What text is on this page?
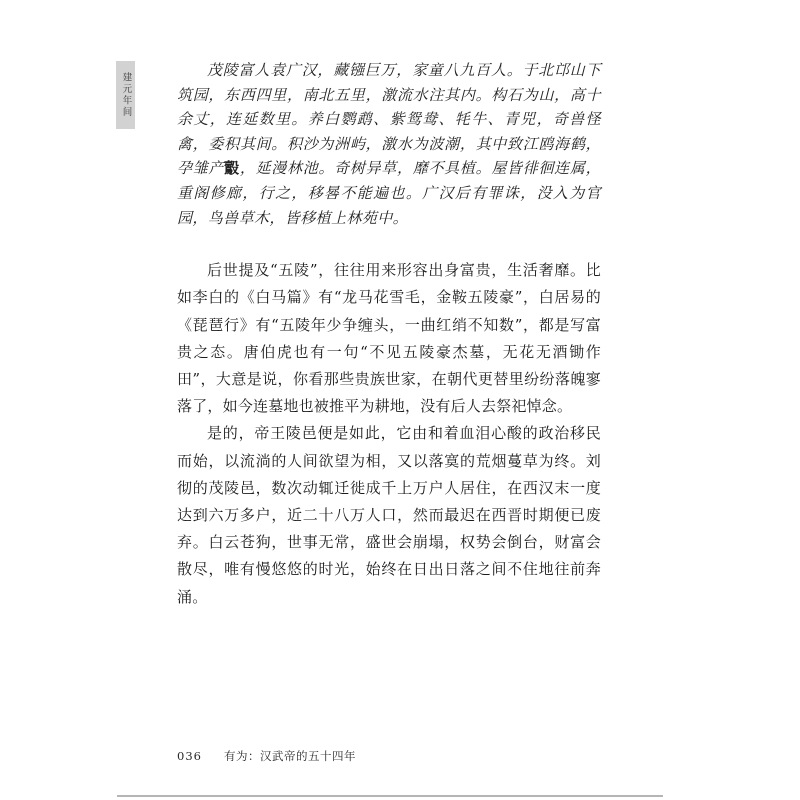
建元年间

茂陵富人袁广汉，藏镪巨万，家童八九百人。于北邙山下筑园，东西四里，南北五里，激流水注其内。构石为山，高十余丈，连延数里。养白鹦鹉、紫鸳鸯、牦牛、青兕，奇兽怪禽，委积其间。积沙为洲屿，激水为波潮，其中致江鸥海鹤，孕雏产鷇，延漫林池。奇树异草，靡不具植。屋皆徘徊连属，重阁修廊，行之，移晷不能遍也。广汉后有罪诛，没入为官园，鸟兽草木，皆移植上林苑中。

后世提及“五陵”，往往用来形容出身富贵，生活奢靡。比如李白的《白马篇》有“龙马花雪毛，金鞍五陵豪”，白居易的《琵琶行》有“五陵年少争缠头，一曲红绡不知数”，都是写富贵之态。唐伯虎也有一句“不见五陵豪杰墓，无花无酒锄作田”，大意是说，你看那些贵族世家，在朝代更替里纷纷落魄寥落了，如今连墓地也被推平为耕地，没有后人去祭祀悼念。

是的，帝王陵邑便是如此，它由和着血泪心酸的政治移民而始，以流淌的人间欲望为相，又以落寞的荒烟蔓草为终。刘彻的茂陵邑，数次动辄迁徙成千上万户人居住，在西汉末一度达到六万多户，近二十八万人口，然而最迟在西晋时期便已废弃。白云苍狗，世事无常，盛世会崩塌，权势会倒台，财富会散尽，唯有慢悠悠的时光，始终在日出日落之间不住地往前奔涌。

036 有为：汉武帝的五十四年
